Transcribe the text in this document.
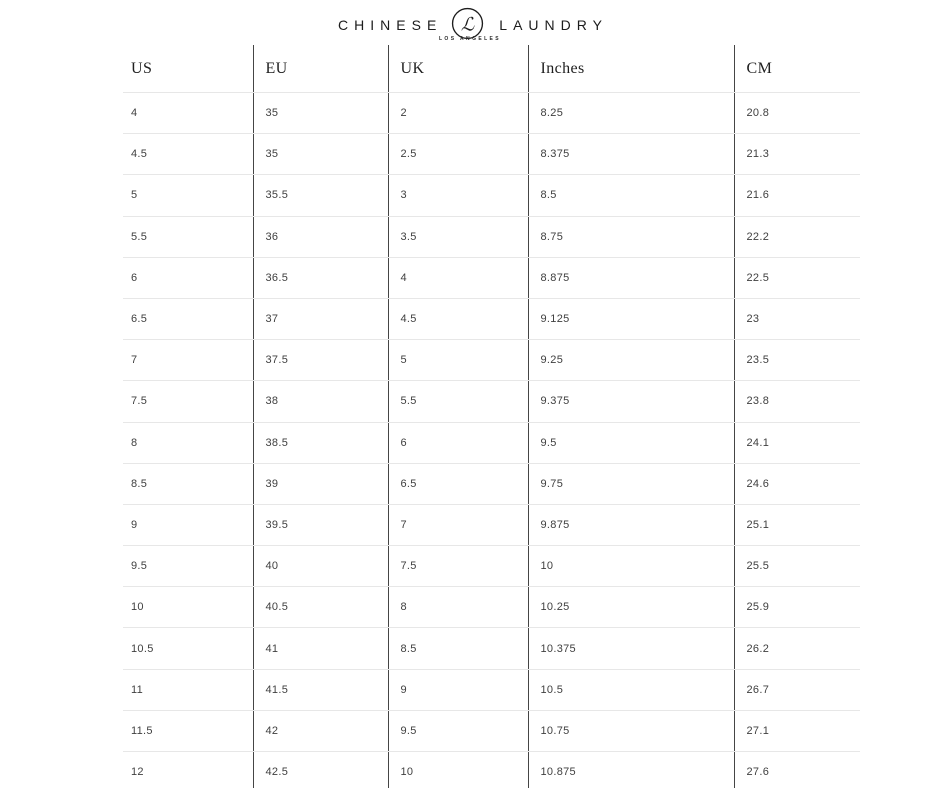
CHINESE ℒ	LAUNDRY
LOS ANGELES
US	EU	UK	Inches	CM
4	35	2	8.25	20.8
4.5	35	2.5	8.375	21.3
5	35.5	3	8.5	21.6
5.5	36	3.5	8.75	22.2
6	36.5	4	8.875	22.5
6.5	37	4.5	9.125	23
7	37.5	5	9.25	23.5
7.5	38	5.5	9.375	23.8
8	38.5	6	9.5	24.1
8.5	39	6.5	9.75	24.6
9	39.5	7	9.875	25.1
9.5	40	7.5	10	25.5
10	40.5	8	10.25	25.9
10.5	41	8.5	10.375	26.2
11	41.5	9	10.5	26.7
11.5	42	9.5	10.75	27.1
12	42.5	10	10.875	27.6
